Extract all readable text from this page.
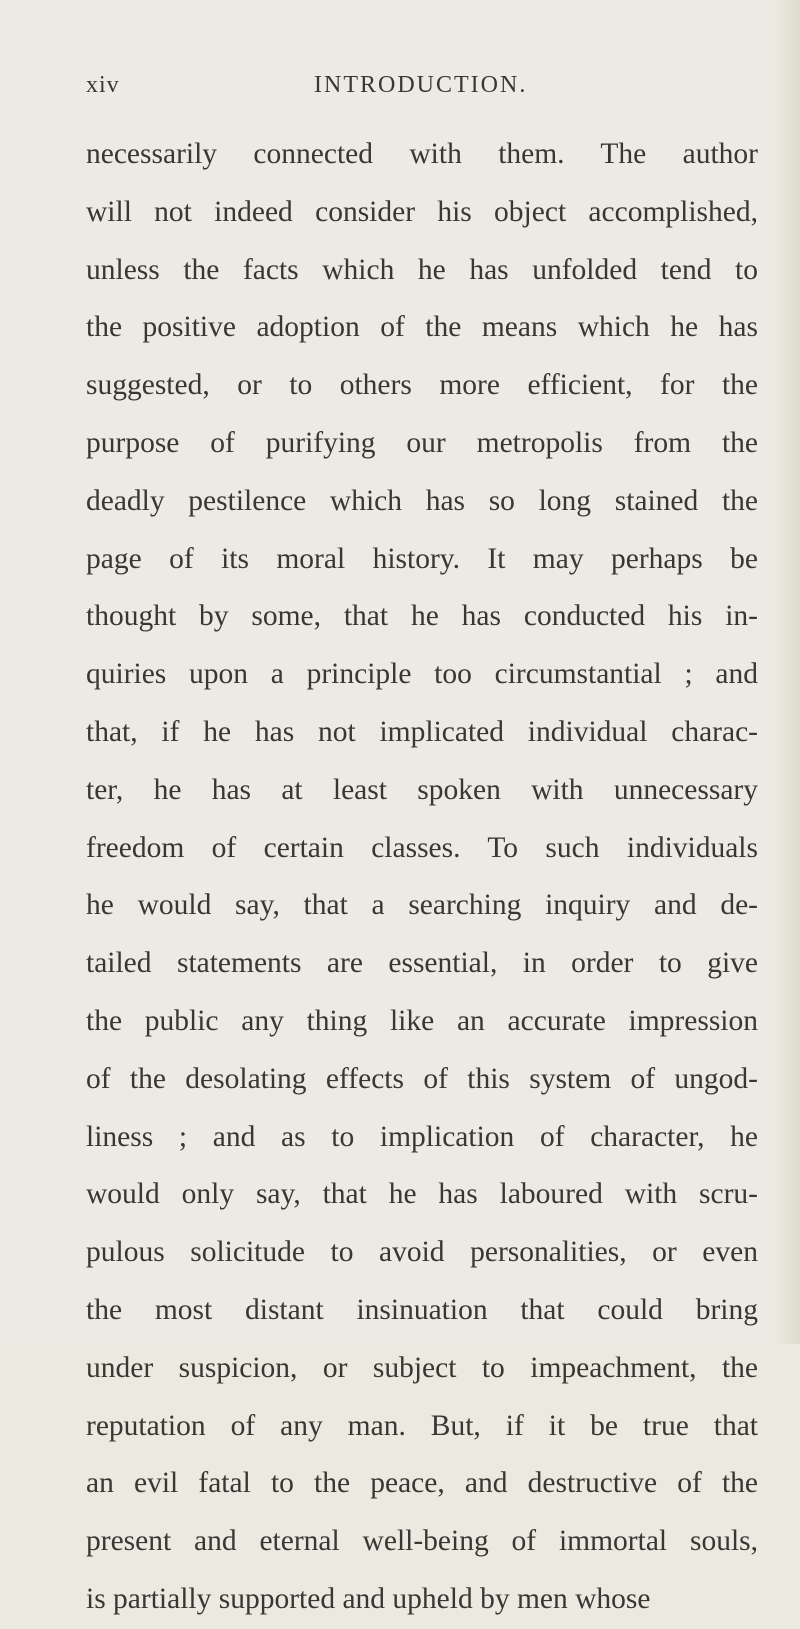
xiv	INTRODUCTION.
necessarily connected with them. The author
will not indeed consider his object accomplished,
unless the facts which he has unfolded tend to
the positive adoption of the means which he has
suggested, or to others more efficient, for the
purpose of purifying our metropolis from the
deadly pestilence which has so long stained the
page of its moral history. It may perhaps be
thought by some, that he has conducted his in-
quiries upon a principle too circumstantial ; and
that, if he has not implicated individual charac-
ter, he has at least spoken with unnecessary
freedom of certain classes. To such individuals
he would say, that a searching inquiry and de-
tailed statements are essential, in order to give
the public any thing like an accurate impression
of the desolating effects of this system of ungod-
liness ; and as to implication of character, he
would only say, that he has laboured with scru-
pulous solicitude to avoid personalities, or even
the most distant insinuation that could bring
under suspicion, or subject to impeachment, the
reputation of any man. But, if it be true that
an evil fatal to the peace, and destructive of the
present and eternal well-being of immortal souls,
is partially supported and upheld by men whose
